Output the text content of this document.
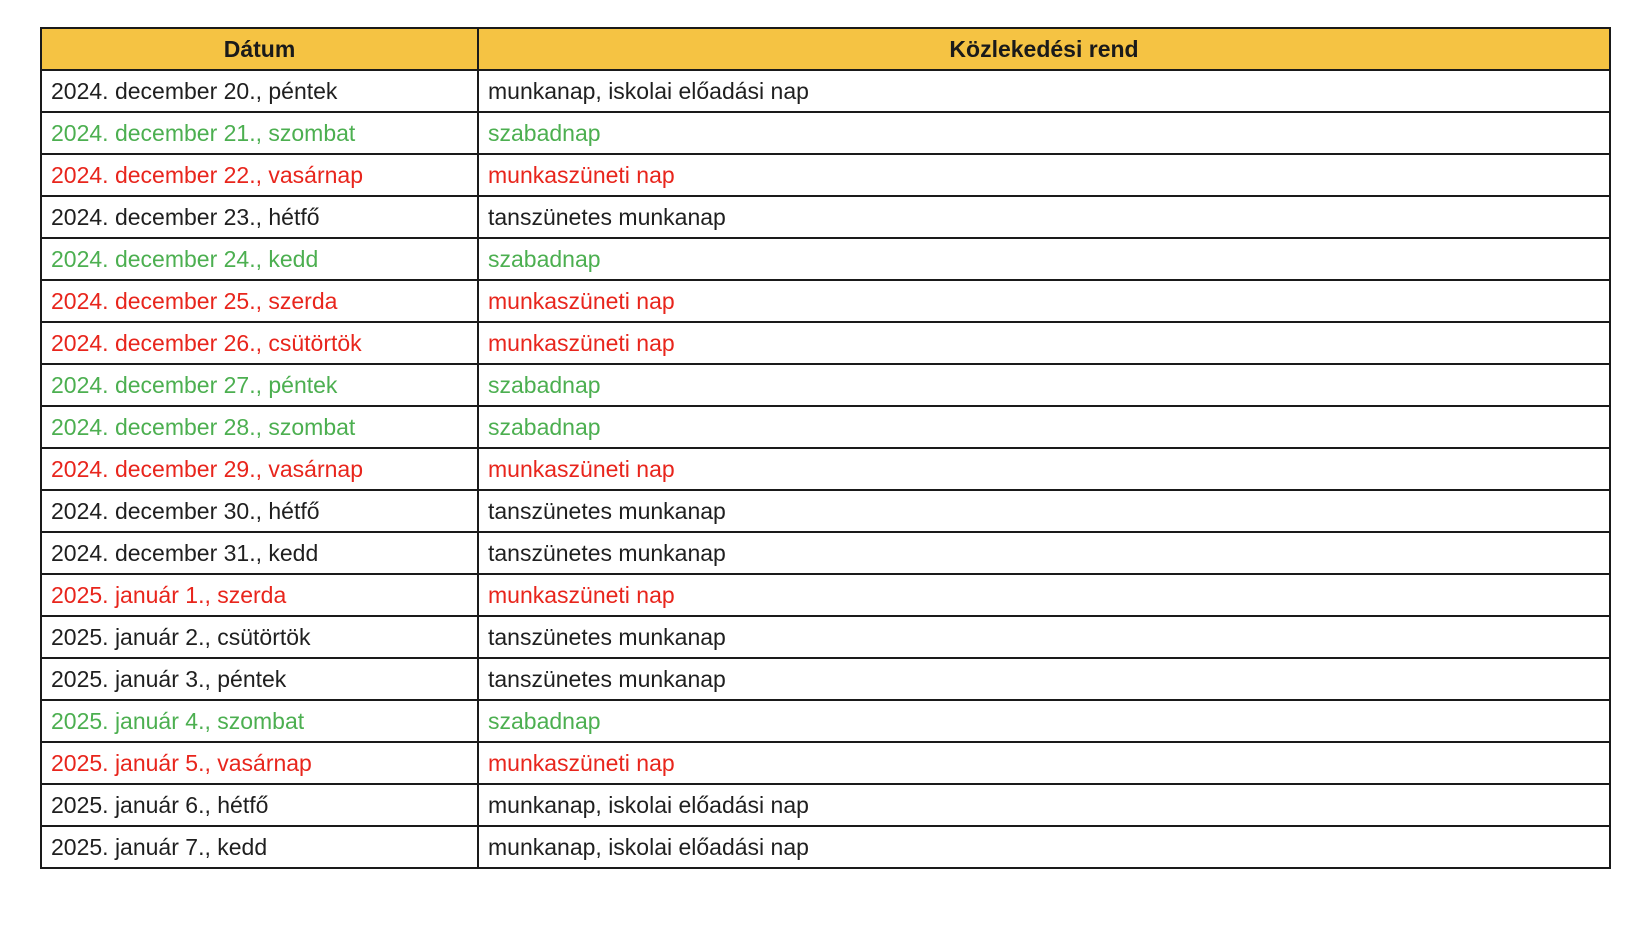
Dátum	Közlekedési rend
2024. december 20., péntek	munkanap, iskolai előadási nap
2024. december 21., szombat	szabadnap
2024. december 22., vasárnap	munkaszüneti nap
2024. december 23., hétfő	tanszünetes munkanap
2024. december 24., kedd	szabadnap
2024. december 25., szerda	munkaszüneti nap
2024. december 26., csütörtök	munkaszüneti nap
2024. december 27., péntek	szabadnap
2024. december 28., szombat	szabadnap
2024. december 29., vasárnap	munkaszüneti nap
2024. december 30., hétfő	tanszünetes munkanap
2024. december 31., kedd	tanszünetes munkanap
2025. január 1., szerda	munkaszüneti nap
2025. január 2., csütörtök	tanszünetes munkanap
2025. január 3., péntek	tanszünetes munkanap
2025. január 4., szombat	szabadnap
2025. január 5., vasárnap	munkaszüneti nap
2025. január 6., hétfő	munkanap, iskolai előadási nap
2025. január 7., kedd	munkanap, iskolai előadási nap
